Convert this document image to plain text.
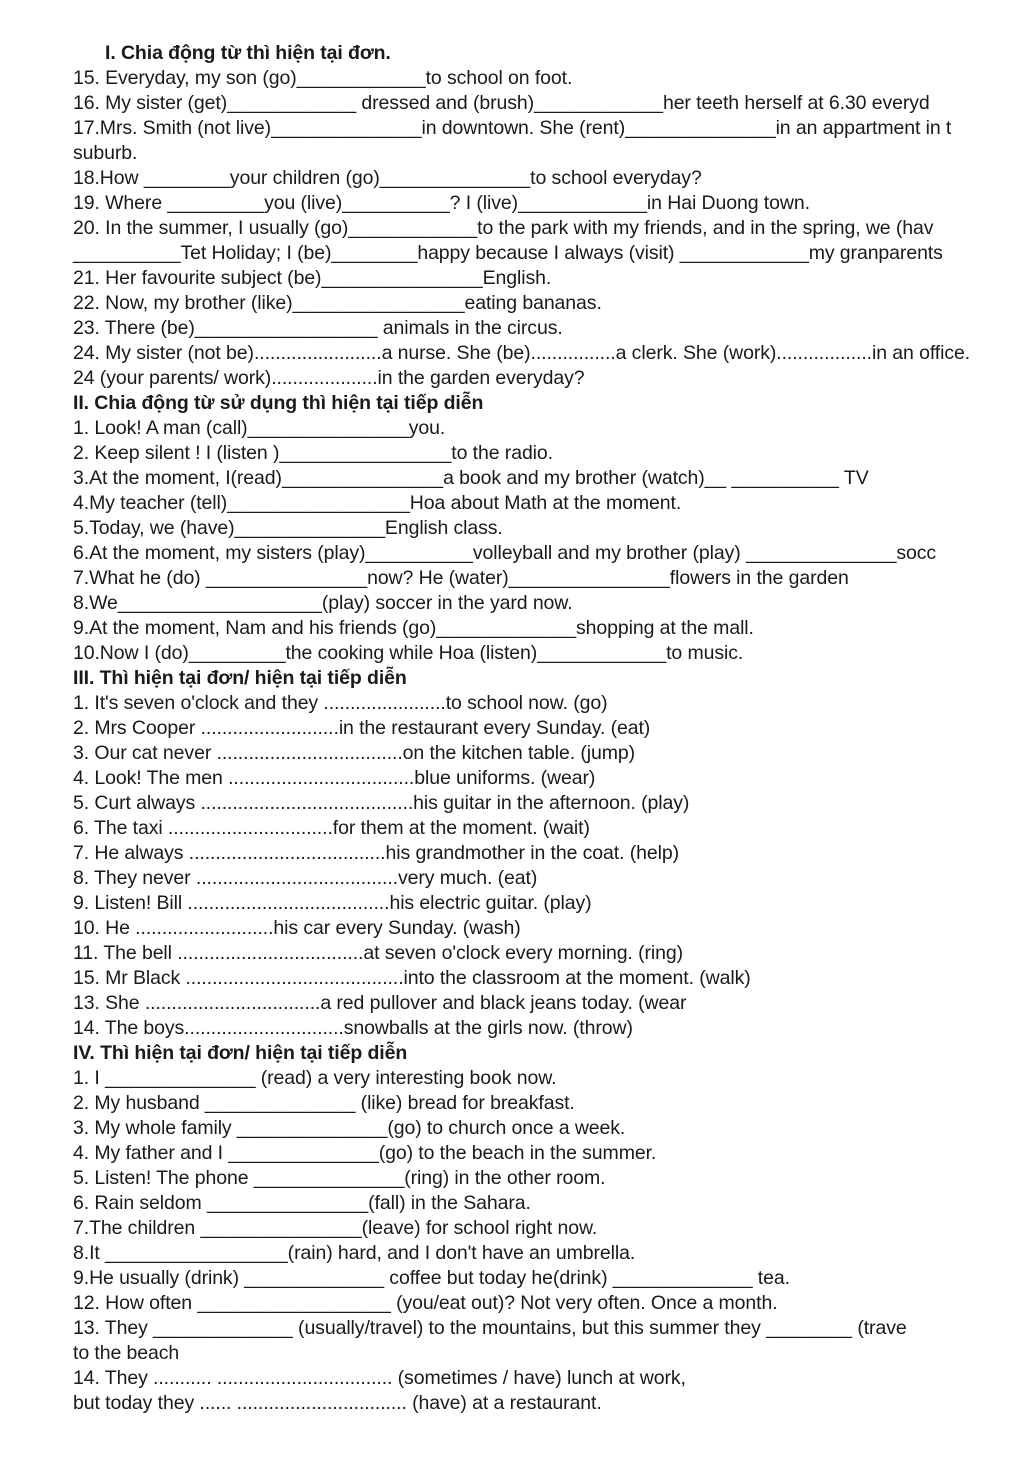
I. Chia động từ thì hiện tại đơn.
15. Everyday, my son (go)____________to school on foot.
16. My sister (get)____________ dressed and (brush)____________her teeth herself at 6.30 everyd
17.Mrs. Smith (not live)______________in downtown. She (rent)______________in an appartment in t
suburb.
18.How ________your children (go)______________to school everyday?
19. Where _________you (live)__________? I (live)____________in Hai Duong town.
20. In the summer, I usually (go)____________to the park with my friends, and in the spring, we (hav
__________Tet Holiday; I (be)________happy because I always (visit) ____________my granparents
21. Her favourite subject (be)_______________English.
22. Now, my brother (like)________________eating bananas.
23. There (be)_________________ animals in the circus.
24. My sister (not be)........................a nurse. She (be)................a clerk. She (work)..................in an office.
24 (your parents/ work)....................in the garden everyday?
II. Chia động từ sử dụng thì hiện tại tiếp diễn
1. Look! A man (call)_______________you.
2. Keep silent ! I (listen )________________to the radio.
3.At the moment, I(read)_______________a book and my brother (watch)__ __________ TV
4.My teacher (tell)_________________Hoa about Math at the moment.
5.Today, we (have)______________English class.
6.At the moment, my sisters (play)__________volleyball and my brother (play) ______________socc
7.What he (do) _______________now? He (water)_______________flowers in the garden
8.We___________________(play) soccer in the yard now.
9.At the moment, Nam and his friends (go)_____________shopping at the mall.
10.Now I (do)_________the cooking while Hoa (listen)____________to music.
III. Thì hiện tại đơn/ hiện tại tiếp diễn
1. It's seven o'clock and they .......................to school now. (go)
2. Mrs Cooper ..........................in the restaurant every Sunday. (eat)
3. Our cat never ...................................on the kitchen table. (jump)
4. Look! The men ...................................blue uniforms. (wear)
5. Curt always ........................................his guitar in the afternoon. (play)
6. The taxi ...............................for them at the moment. (wait)
7. He always .....................................his grandmother in the coat. (help)
8. They never ......................................very much. (eat)
9. Listen! Bill ......................................his electric guitar. (play)
10. He ..........................his car every Sunday. (wash)
11. The bell ...................................at seven o'clock every morning. (ring)
15. Mr Black .........................................into the classroom at the moment. (walk)
13. She .................................a red pullover and black jeans today. (wear
14. The boys..............................snowballs at the girls now. (throw)
IV. Thì hiện tại đơn/ hiện tại tiếp diễn
1. I ______________ (read) a very interesting book now.
2. My husband ______________ (like) bread for breakfast.
3. My whole family ______________(go) to church once a week.
4. My father and I ______________(go) to the beach in the summer.
5. Listen! The phone ______________(ring) in the other room.
6. Rain seldom _______________(fall) in the Sahara.
7.The children _______________(leave) for school right now.
8.It _________________(rain) hard, and I don't have an umbrella.
9.He usually (drink) _____________ coffee but today he(drink) _____________ tea.
12. How often __________________ (you/eat out)? Not very often. Once a month.
13. They _____________ (usually/travel) to the mountains, but this summer they ________ (trave
to the beach
14. They ........... ................................. (sometimes / have) lunch at work,
but today they ...... ................................ (have) at a restaurant.
